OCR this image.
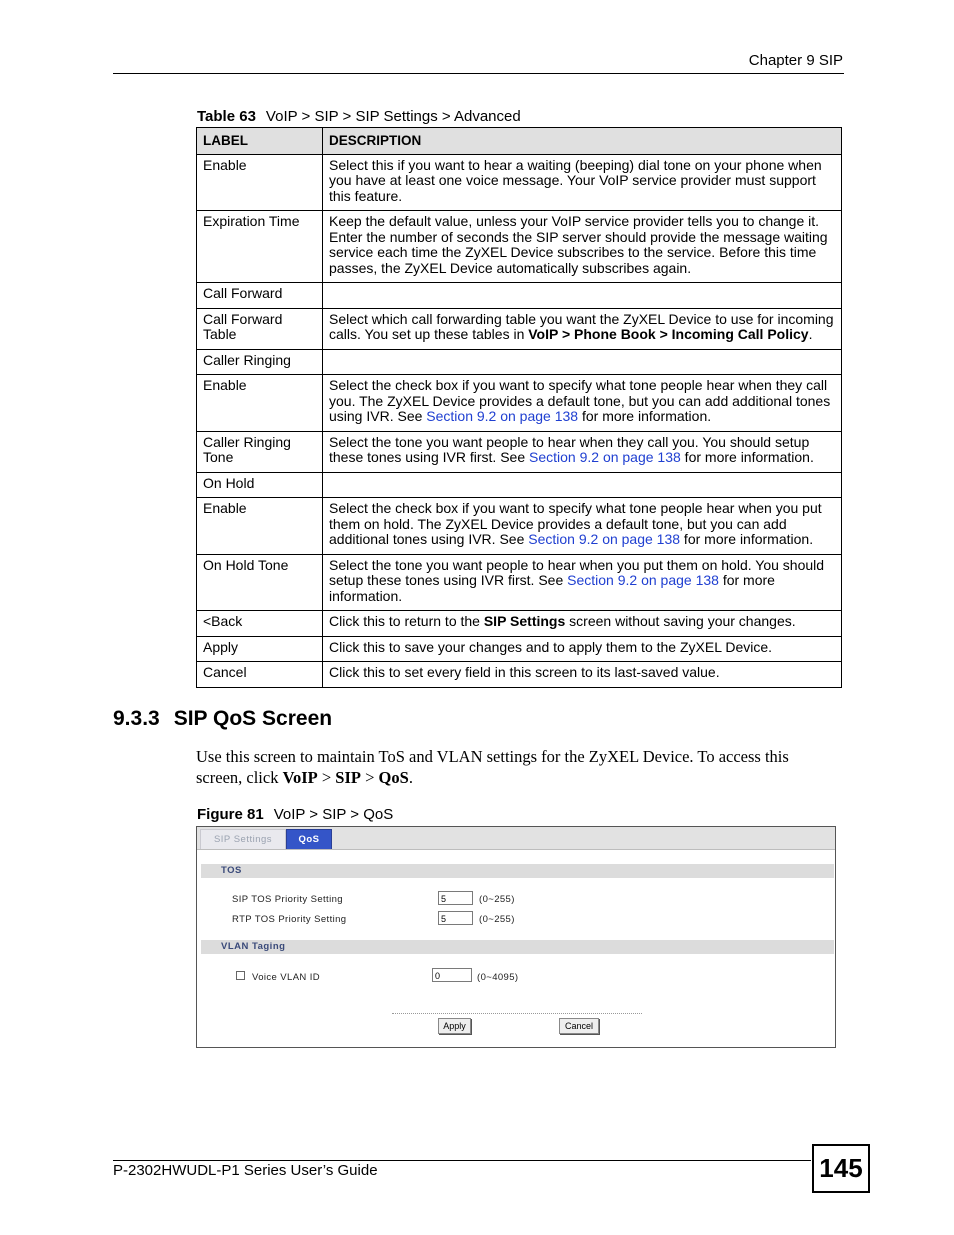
Chapter 9 SIP
Table 63 VoIP > SIP > SIP Settings > Advanced
LABEL	DESCRIPTION
Enable	Select this if you want to hear a waiting (beeping) dial tone on your phone when you have at least one voice message. Your VoIP service provider must support this feature.
Expiration Time	Keep the default value, unless your VoIP service provider tells you to change it. Enter the number of seconds the SIP server should provide the message waiting service each time the ZyXEL Device subscribes to the service. Before this time passes, the ZyXEL Device automatically subscribes again.
Call Forward	
Call Forward Table	Select which call forwarding table you want the ZyXEL Device to use for incoming calls. You set up these tables in VoIP > Phone Book > Incoming Call Policy.
Caller Ringing	
Enable	Select the check box if you want to specify what tone people hear when they call you. The ZyXEL Device provides a default tone, but you can add additional tones using IVR. See Section 9.2 on page 138 for more information.
Caller Ringing Tone	Select the tone you want people to hear when they call you. You should setup these tones using IVR first. See Section 9.2 on page 138 for more information.
On Hold	
Enable	Select the check box if you want to specify what tone people hear when you put them on hold. The ZyXEL Device provides a default tone, but you can add additional tones using IVR. See Section 9.2 on page 138 for more information.
On Hold Tone	Select the tone you want people to hear when you put them on hold. You should setup these tones using IVR first. See Section 9.2 on page 138 for more information.
<Back	Click this to return to the SIP Settings screen without saving your changes.
Apply	Click this to save your changes and to apply them to the ZyXEL Device.
Cancel	Click this to set every field in this screen to its last-saved value.
9.3.3 SIP QoS Screen
Use this screen to maintain ToS and VLAN settings for the ZyXEL Device. To access this screen, click VoIP > SIP > QoS.
Figure 81 VoIP > SIP > QoS
SIP Settings	QoS
TOS
SIP TOS Priority Setting	5	(0~255)
RTP TOS Priority Setting	5	(0~255)
VLAN Taging
Voice VLAN ID	0	(0~4095)
Apply	Cancel
P-2302HWUDL-P1 Series User’s Guide	145
